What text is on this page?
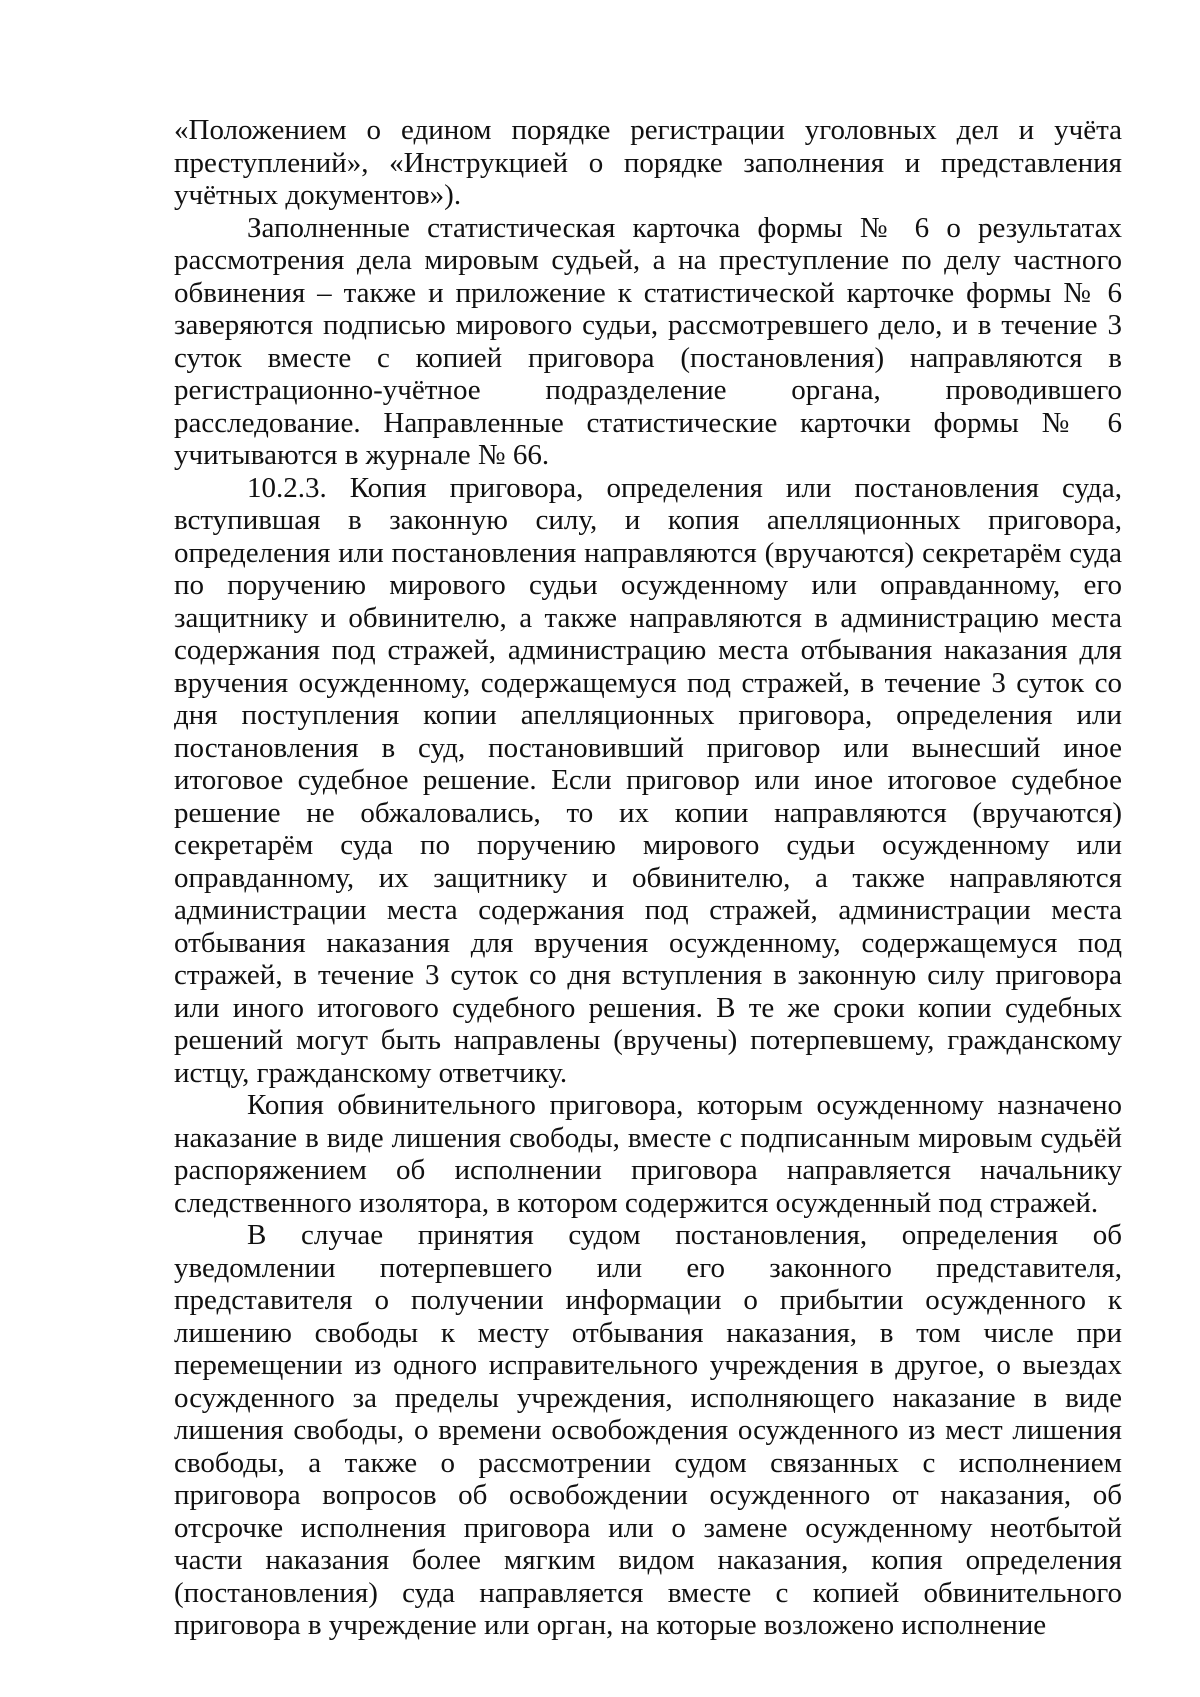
«Положением о едином порядке регистрации уголовных дел и учёта преступлений», «Инструкцией о порядке заполнения и представления учётных документов»).

Заполненные статистическая карточка формы № 6 о результатах рассмотрения дела мировым судьей, а на преступление по делу частного обвинения – также и приложение к статистической карточке формы № 6 заверяются подписью мирового судьи, рассмотревшего дело, и в течение 3 суток вместе с копией приговора (постановления) направляются в регистрационно-учётное подразделение органа, проводившего расследование. Направленные статистические карточки формы № 6 учитываются в журнале № 66.

10.2.3. Копия приговора, определения или постановления суда, вступившая в законную силу, и копия апелляционных приговора, определения или постановления направляются (вручаются) секретарём суда по поручению мирового судьи осужденному или оправданному, его защитнику и обвинителю, а также направляются в администрацию места содержания под стражей, администрацию места отбывания наказания для вручения осужденному, содержащемуся под стражей, в течение 3 суток со дня поступления копии апелляционных приговора, определения или постановления в суд, постановивший приговор или вынесший иное итоговое судебное решение. Если приговор или иное итоговое судебное решение не обжаловались, то их копии направляются (вручаются) секретарём суда по поручению мирового судьи осужденному или оправданному, их защитнику и обвинителю, а также направляются администрации места содержания под стражей, администрации места отбывания наказания для вручения осужденному, содержащемуся под стражей, в течение 3 суток со дня вступления в законную силу приговора или иного итогового судебного решения. В те же сроки копии судебных решений могут быть направлены (вручены) потерпевшему, гражданскому истцу, гражданскому ответчику.

Копия обвинительного приговора, которым осужденному назначено наказание в виде лишения свободы, вместе с подписанным мировым судьёй распоряжением об исполнении приговора направляется начальнику следственного изолятора, в котором содержится осужденный под стражей.

В случае принятия судом постановления, определения об уведомлении потерпевшего или его законного представителя, представителя о получении информации о прибытии осужденного к лишению свободы к месту отбывания наказания, в том числе при перемещении из одного исправительного учреждения в другое, о выездах осужденного за пределы учреждения, исполняющего наказание в виде лишения свободы, о времени освобождения осужденного из мест лишения свободы, а также о рассмотрении судом связанных с исполнением приговора вопросов об освобождении осужденного от наказания, об отсрочке исполнения приговора или о замене осужденному неотбытой части наказания более мягким видом наказания, копия определения (постановления) суда направляется вместе с копией обвинительного приговора в учреждение или орган, на которые возложено исполнение
